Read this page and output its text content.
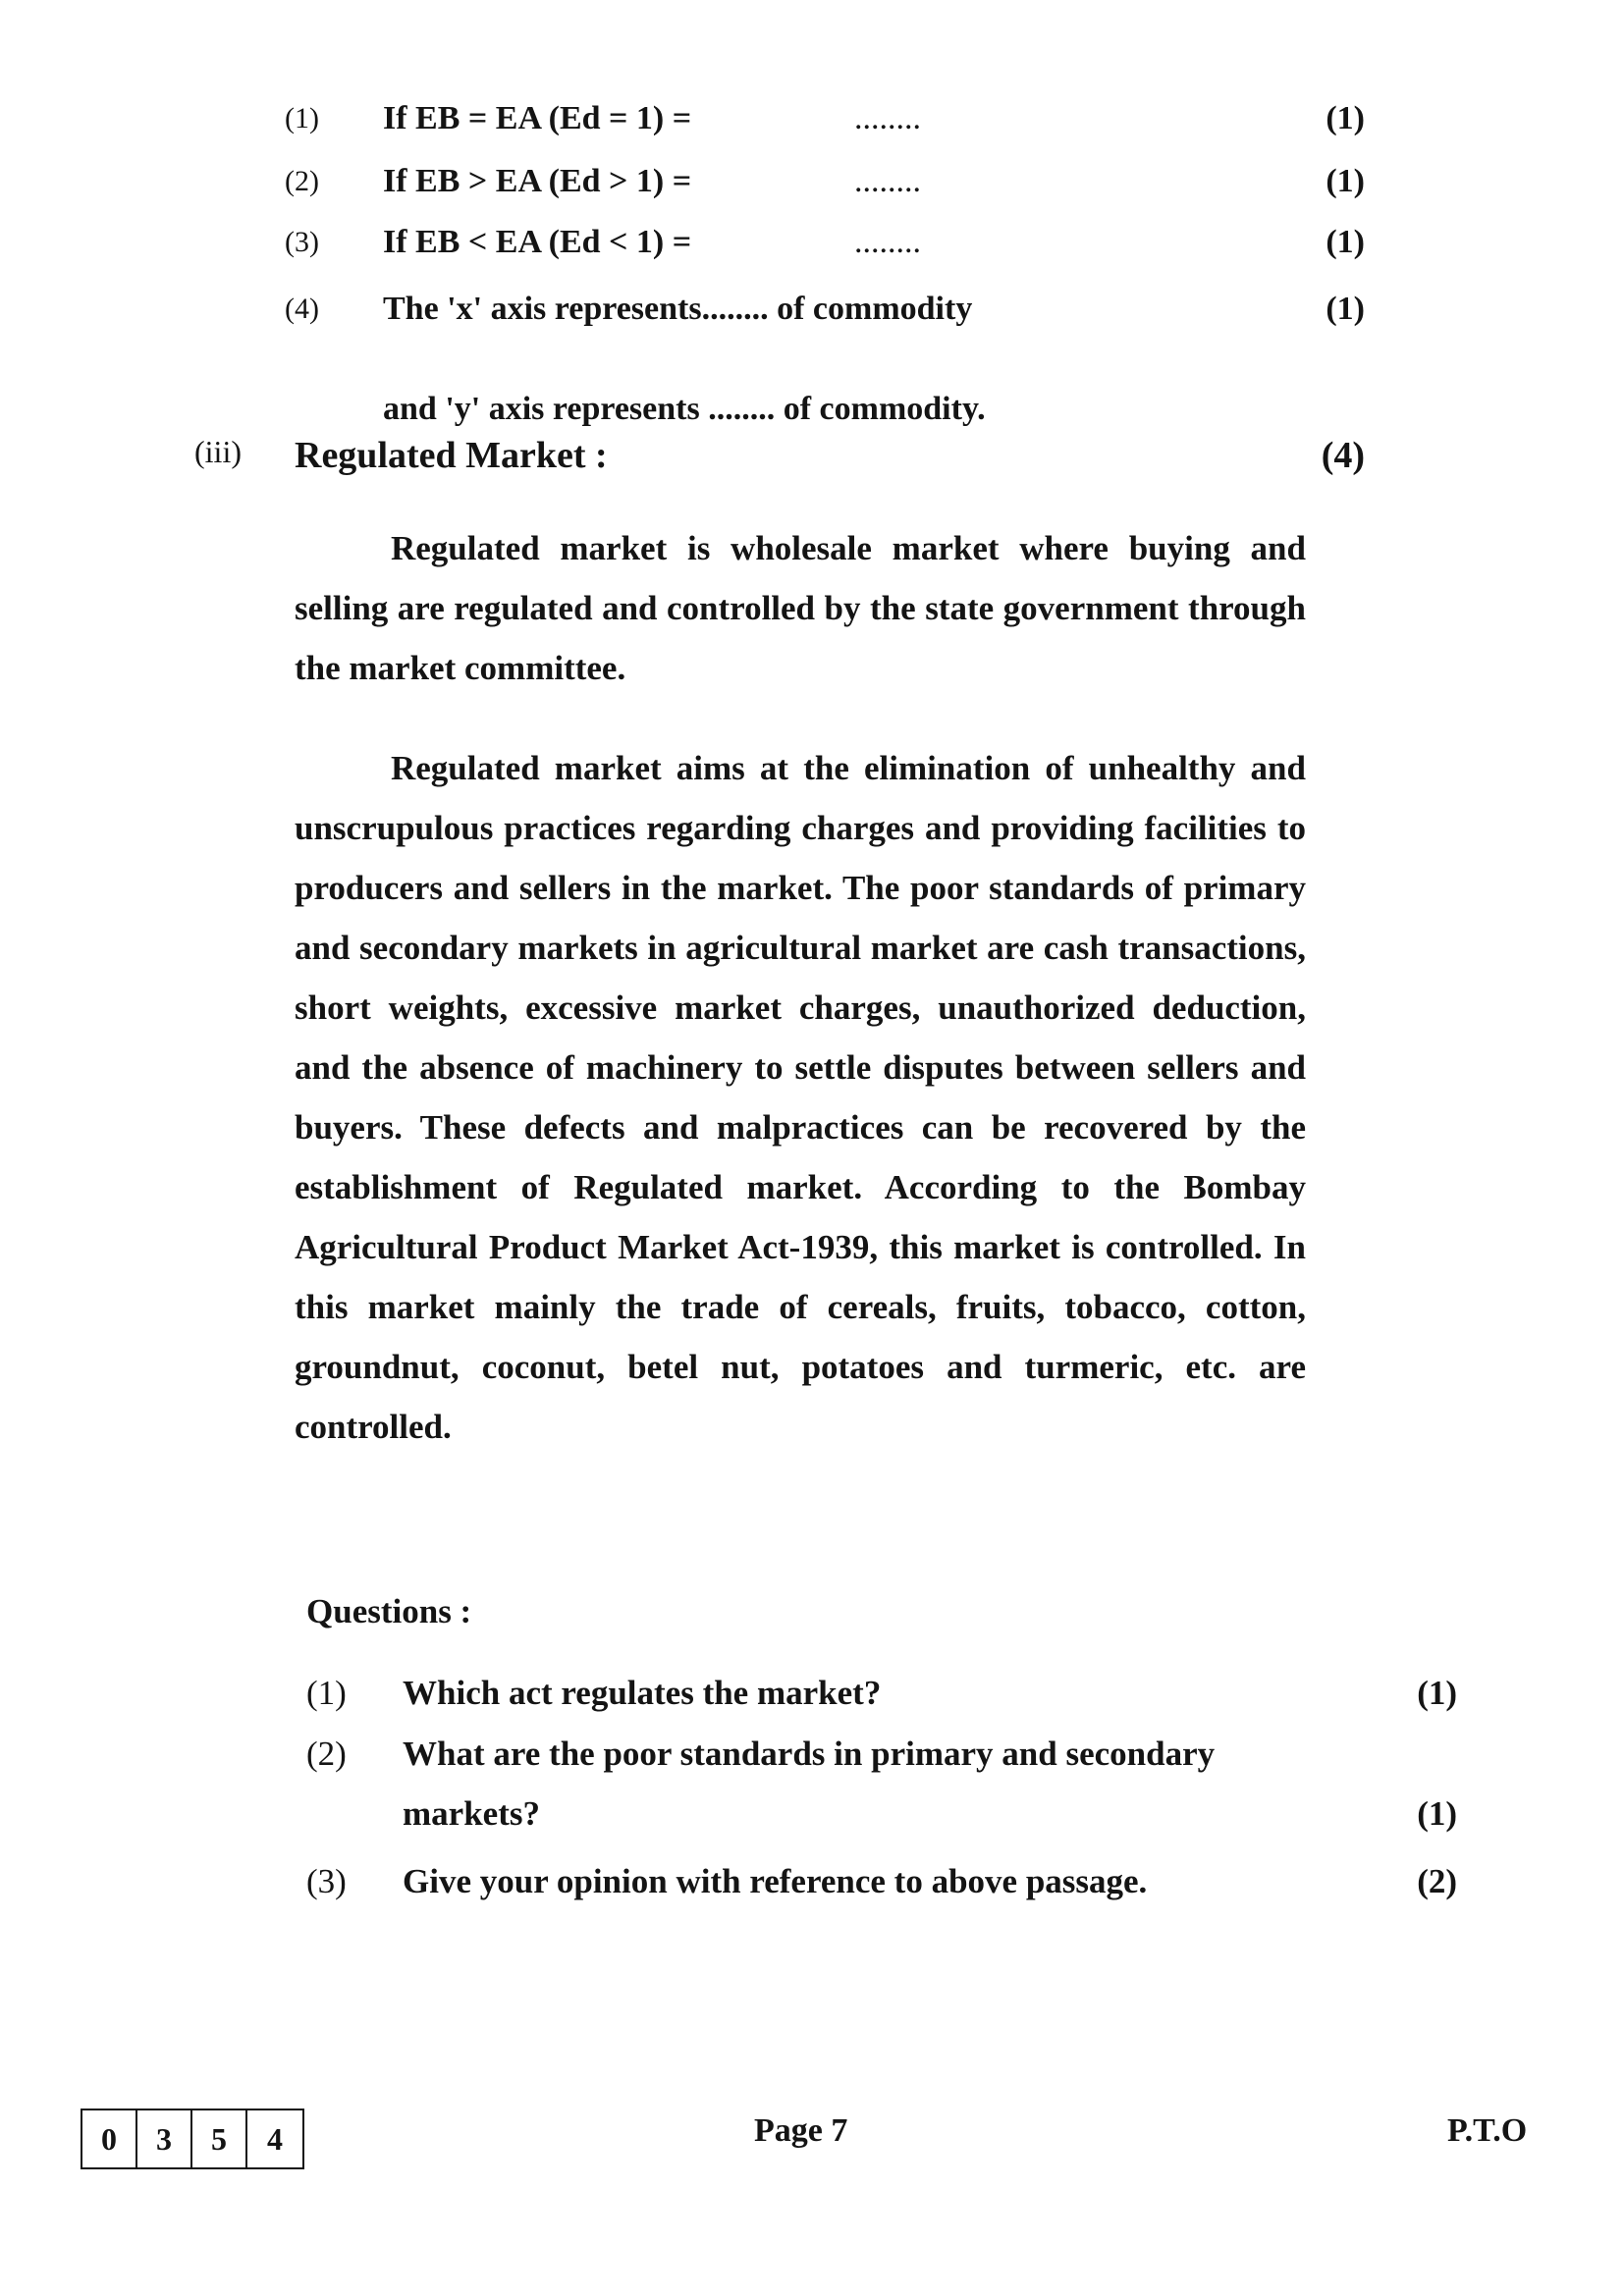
(1) If EB = EA (Ed = 1) =	........	(1)
(2) If EB > EA (Ed > 1) =	........	(1)
(3) If EB < EA (Ed < 1) =	........	(1)
(4) The 'x' axis represents........ of commodity	(1)
and 'y' axis represents ........ of commodity.
(iii) Regulated Market :	(4)

Regulated market is wholesale market where buying and selling are regulated and controlled by the state government through the market committee.

Regulated market aims at the elimination of unhealthy and unscrupulous practices regarding charges and providing facilities to producers and sellers in the market. The poor standards of primary and secondary markets in agricultural market are cash transactions, short weights, excessive market charges, unauthorized deduction, and the absence of machinery to settle disputes between sellers and buyers. These defects and malpractices can be recovered by the establishment of Regulated market. According to the Bombay Agricultural Product Market Act-1939, this market is controlled. In this market mainly the trade of cereals, fruits, tobacco, cotton, groundnut, coconut, betel nut, potatoes and turmeric, etc. are controlled.

Questions :
(1) Which act regulates the market?	(1)
(2) What are the poor standards in primary and secondary markets?	(1)
(3) Give your opinion with reference to above passage.	(2)
0	3	5	4	Page 7	P.T.O
